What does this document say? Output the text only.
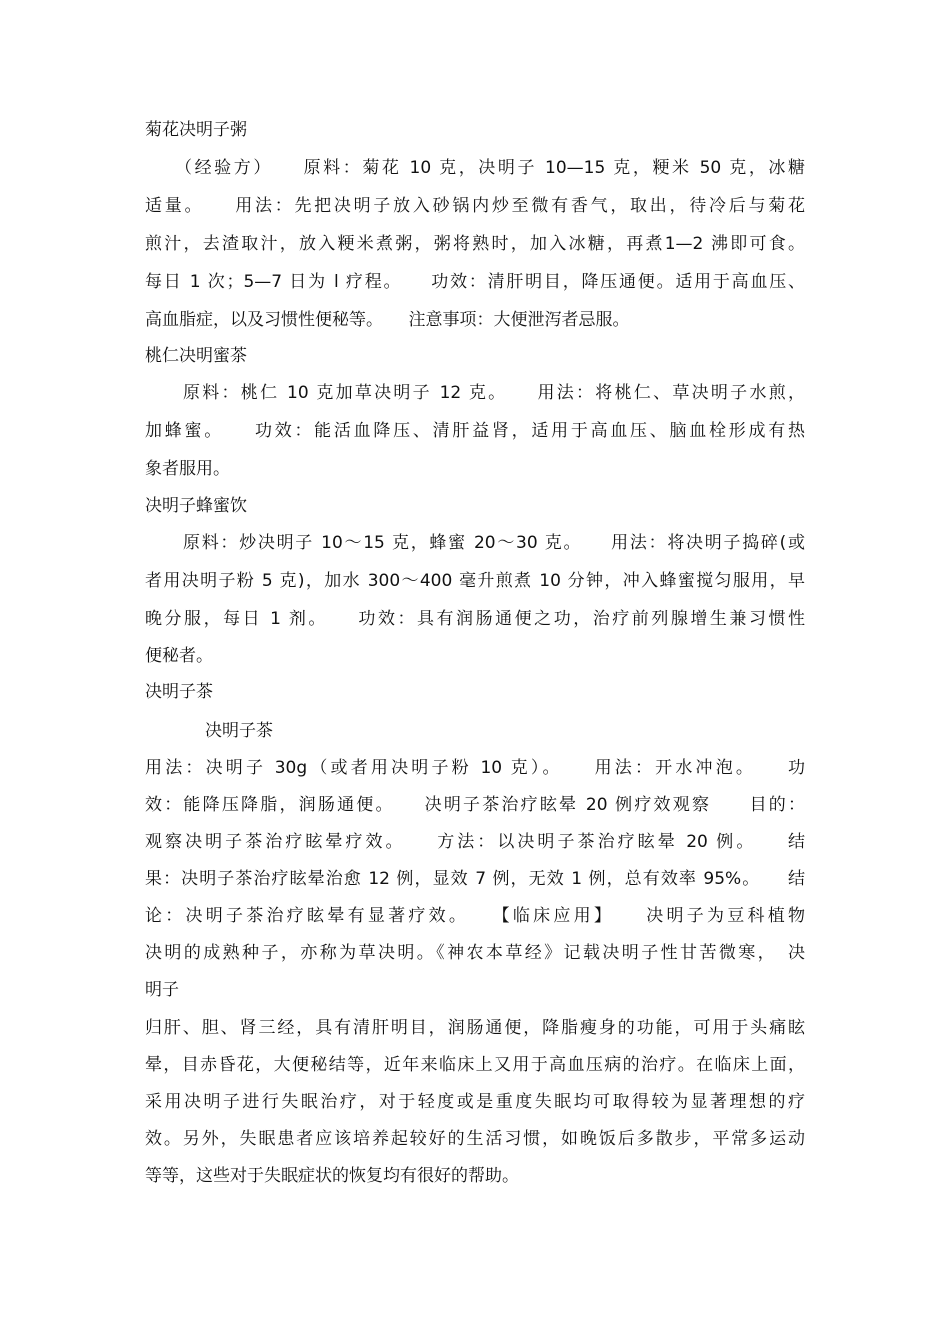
菊花决明子粥
（经验方）　　原料：菊花 10 克，决明子 10—15 克，粳米 50 克，冰糖
适量。　　用法：先把决明子放入砂锅内炒至微有香气，取出，待冷后与菊花
煎汁，去渣取汁，放入粳米煮粥，粥将熟时，加入冰糖，再煮1—2 沸即可食。
每日 1 次；5—7 日为 l 疗程。　　功效：清肝明目，降压通便。适用于高血压、
高血脂症，以及习惯性便秘等。　　注意事项：大便泄泻者忌服。
桃仁决明蜜茶
原料：桃仁 10 克加草决明子 12 克。　　用法：将桃仁、草决明子水煎，
加蜂蜜。　　功效：能活血降压、清肝益肾，适用于高血压、脑血栓形成有热
象者服用。
决明子蜂蜜饮
原料：炒决明子 10～15 克，蜂蜜 20～30 克。　　用法：将决明子捣碎(或
者用决明子粉 5 克)，加水 300～400 毫升煎煮 10 分钟，冲入蜂蜜搅匀服用，早
晚分服，每日 1 剂。　　功效：具有润肠通便之功，治疗前列腺增生兼习惯性
便秘者。
决明子茶
决明子茶
用法：决明子 30g（或者用决明子粉 10 克）。　　用法：开水冲泡。　　功
效：能降压降脂，润肠通便。　　决明子茶治疗眩晕 20 例疗效观察　　目的：
观察决明子茶治疗眩晕疗效。　　方法：以决明子茶治疗眩晕 20 例。　　结
果：决明子茶治疗眩晕治愈 12 例，显效 7 例，无效 1 例，总有效率 95%。　　结
论：决明子茶治疗眩晕有显著疗效。　　【临床应用】　　决明子为豆科植物
决明的成熟种子，亦称为草决明。《神农本草经》记载决明子性甘苦微寒，　决
明子
归肝、胆、肾三经，具有清肝明目，润肠通便，降脂瘦身的功能，可用于头痛眩
晕，目赤昏花，大便秘结等，近年来临床上又用于高血压病的治疗。在临床上面，
采用决明子进行失眠治疗，对于轻度或是重度失眠均可取得较为显著理想的疗
效。另外，失眠患者应该培养起较好的生活习惯，如晚饭后多散步，平常多运动
等等，这些对于失眠症状的恢复均有很好的帮助。
